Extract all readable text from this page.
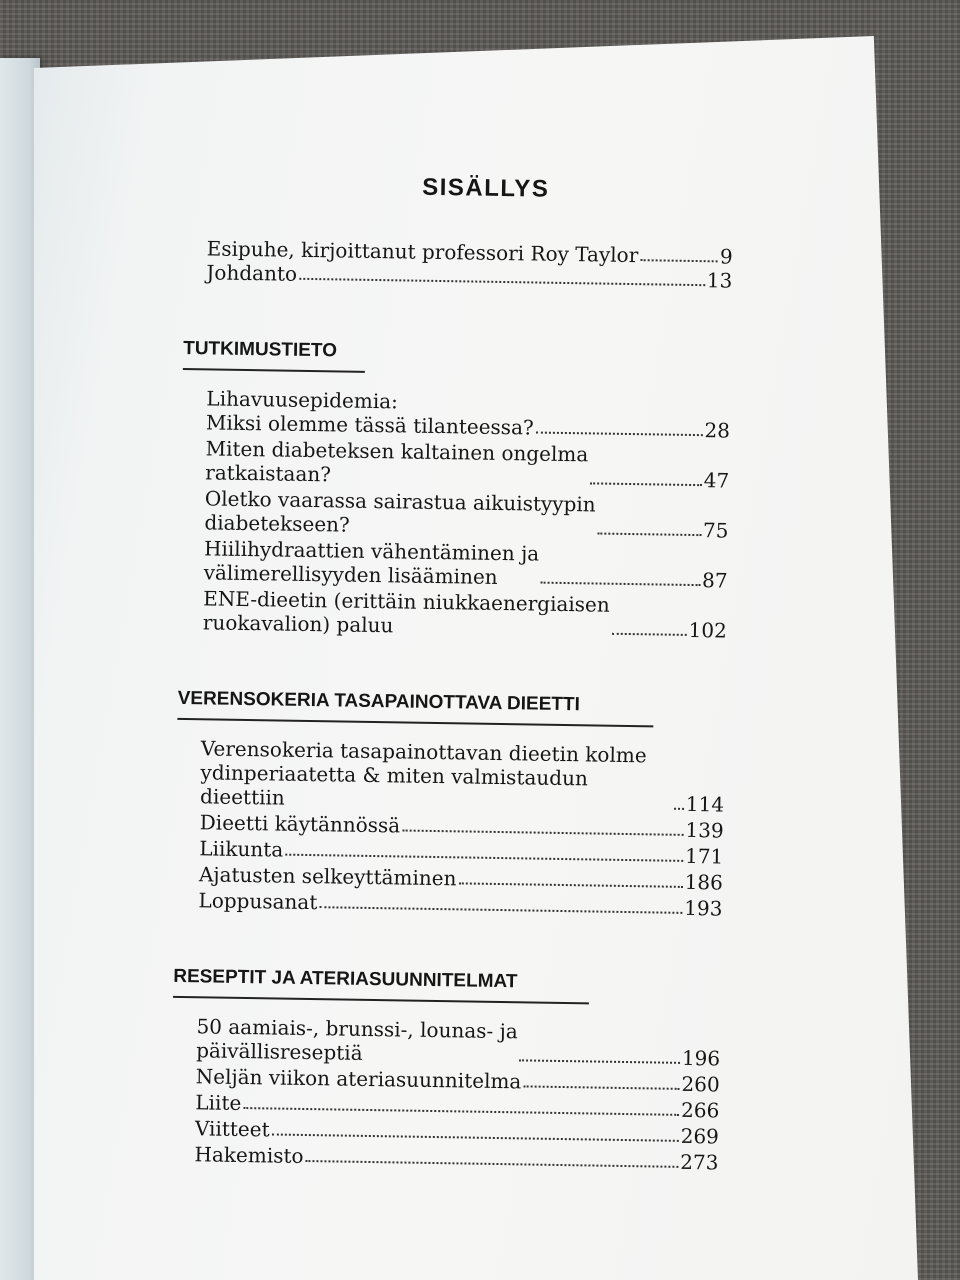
SISÄLLYS
Esipuhe, kirjoittanut professori Roy Taylor	9
Johdanto	13
TUTKIMUSTIETO
Lihavuusepidemia:
Miksi olemme tässä tilanteessa?	28
Miten diabeteksen kaltainen ongelma
ratkaistaan?	47
Oletko vaarassa sairastua aikuistyypin
diabetekseen?	75
Hiilihydraattien vähentäminen ja
välimerellisyyden lisääminen	87
ENE-dieetin (erittäin niukkaenergiaisen
ruokavalion) paluu	102
VERENSOKERIA TASAPAINOTTAVA DIEETTI
Verensokeria tasapainottavan dieetin kolme
ydinperiaatetta & miten valmistaudun dieettiin	114
Dieetti käytännössä	139
Liikunta	171
Ajatusten selkeyttäminen	186
Loppusanat	193
RESEPTIT JA ATERIASUUNNITELMAT
50 aamiais-, brunssi-, lounas- ja
päivällisreseptiä	196
Neljän viikon ateriasuunnitelma	260
Liite	266
Viitteet	269
Hakemisto	273
